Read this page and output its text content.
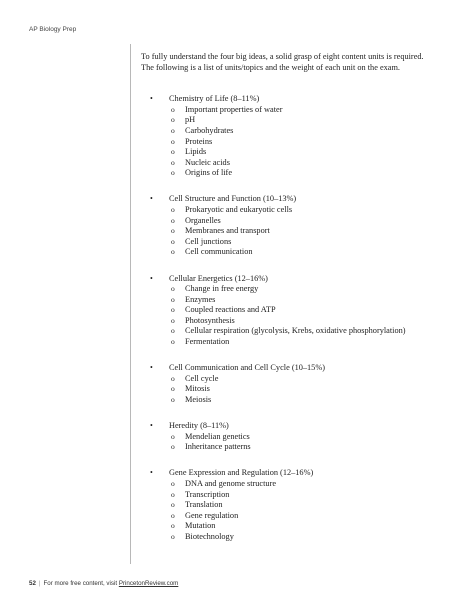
AP Biology Prep

To fully understand the four big ideas, a solid grasp of eight content units is required. The following is a list of units/topics and the weight of each unit on the exam.

• Chemistry of Life (8–11%)
o Important properties of water
o pH
o Carbohydrates
o Proteins
o Lipids
o Nucleic acids
o Origins of life
• Cell Structure and Function (10–13%)
o Prokaryotic and eukaryotic cells
o Organelles
o Membranes and transport
o Cell junctions
o Cell communication
• Cellular Energetics (12–16%)
o Change in free energy
o Enzymes
o Coupled reactions and ATP
o Photosynthesis
o Cellular respiration (glycolysis, Krebs, oxidative phosphorylation)
o Fermentation
• Cell Communication and Cell Cycle (10–15%)
o Cell cycle
o Mitosis
o Meiosis
• Heredity (8–11%)
o Mendelian genetics
o Inheritance patterns
• Gene Expression and Regulation (12–16%)
o DNA and genome structure
o Transcription
o Translation
o Gene regulation
o Mutation
o Biotechnology
52 | For more free content, visit PrincetonReview.com
